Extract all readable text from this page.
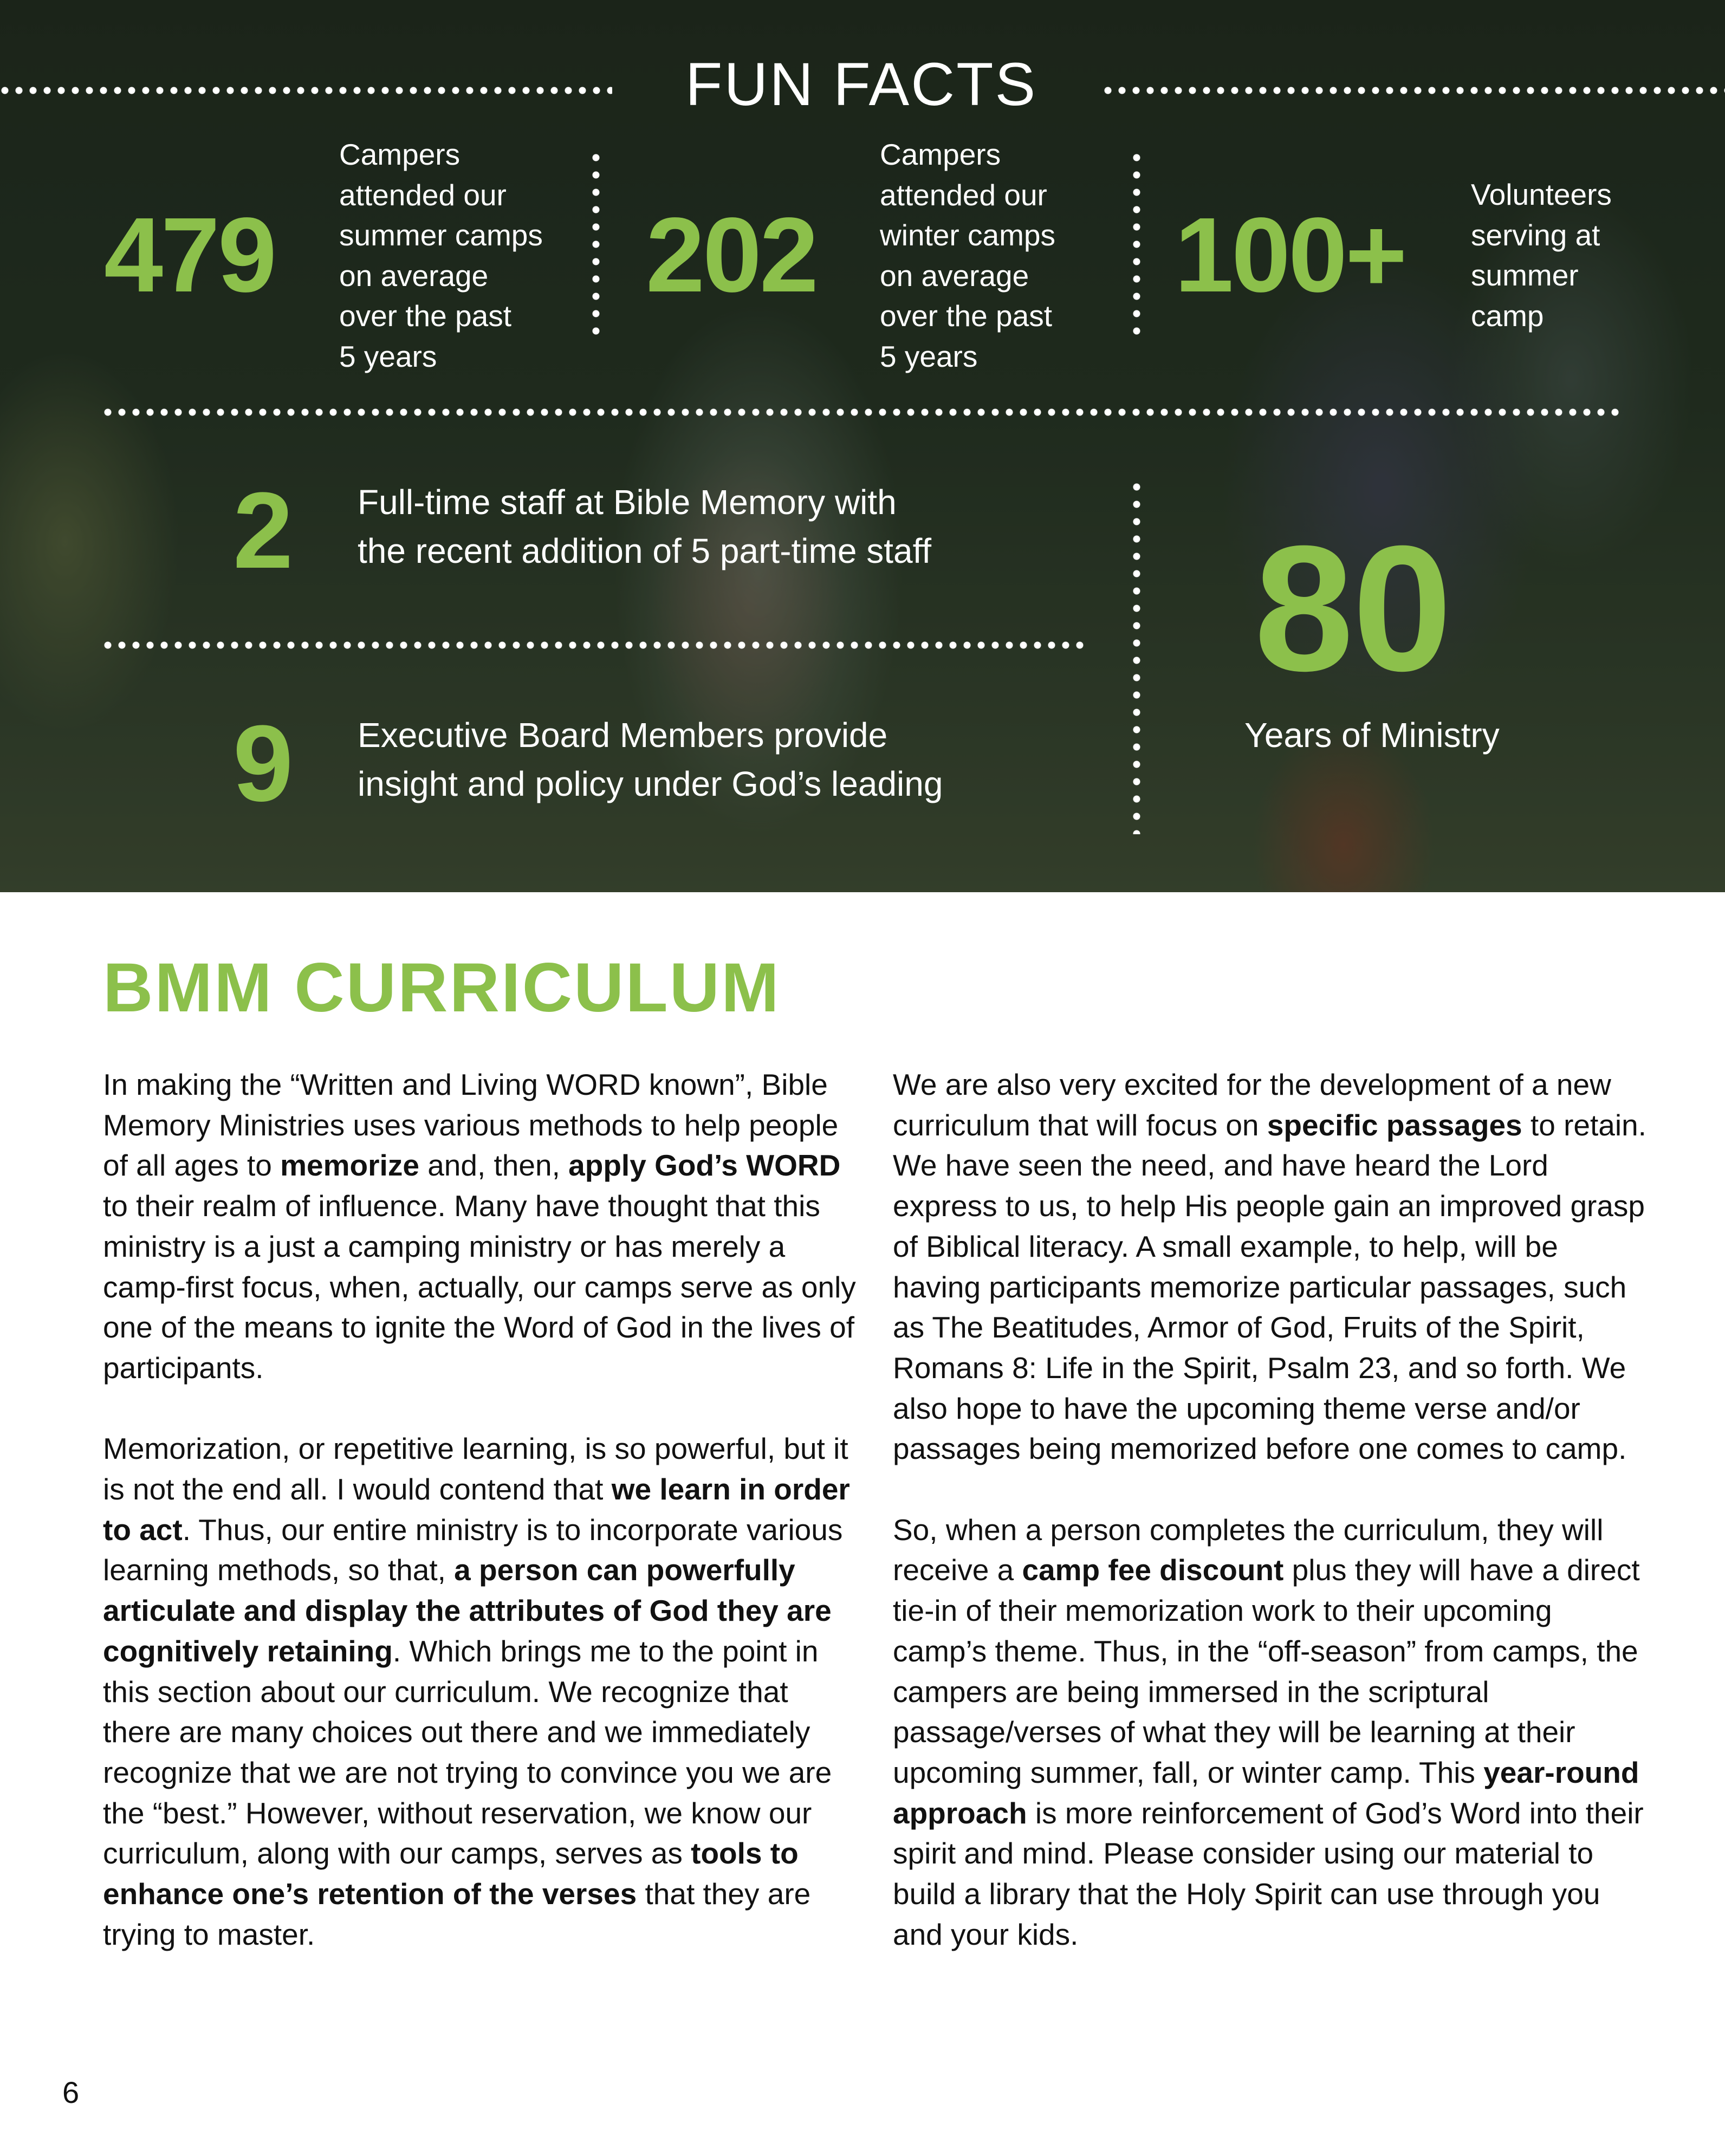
FUN FACTS
479
Campers
attended our
summer camps
on average
over the past
5 years
202
Campers
attended our
winter camps
on average
over the past
5 years
100+
Volunteers
serving at
summer
camp
2 Full-time staff at Bible Memory with
the recent addition of 5 part-time staff
9 Executive Board Members provide
insight and policy under God’s leading
80
Years of Ministry
BMM CURRICULUM

In making the “Written and Living WORD known”, Bible Memory Ministries uses various methods to help people of all ages to memorize and, then, apply God’s WORD to their realm of influence. Many have thought that this ministry is a just a camping ministry or has merely a camp-first focus, when, actually, our camps serve as only one of the means to ignite the Word of God in the lives of participants.

Memorization, or repetitive learning, is so powerful, but it is not the end all. I would contend that we learn in order to act. Thus, our entire ministry is to incorporate various learning methods, so that, a person can powerfully articulate and display the attributes of God they are cognitively retaining. Which brings me to the point in this section about our curriculum. We recognize that there are many choices out there and we immediately recognize that we are not trying to convince you we are the “best.” However, without reservation, we know our curriculum, along with our camps, serves as tools to enhance one’s retention of the verses that they are trying to master.

We are also very excited for the development of a new curriculum that will focus on specific passages to retain. We have seen the need, and have heard the Lord express to us, to help His people gain an improved grasp of Biblical literacy. A small example, to help, will be having participants memorize particular passages, such as The Beatitudes, Armor of God, Fruits of the Spirit, Romans 8: Life in the Spirit, Psalm 23, and so forth. We also hope to have the upcoming theme verse and/or passages being memorized before one comes to camp.

So, when a person completes the curriculum, they will receive a camp fee discount plus they will have a direct tie-in of their memorization work to their upcoming camp’s theme. Thus, in the “off-season” from camps, the campers are being immersed in the scriptural passage/verses of what they will be learning at their upcoming summer, fall, or winter camp. This year-round approach is more reinforcement of God’s Word into their spirit and mind. Please consider using our material to build a library that the Holy Spirit can use through you and your kids.

6
